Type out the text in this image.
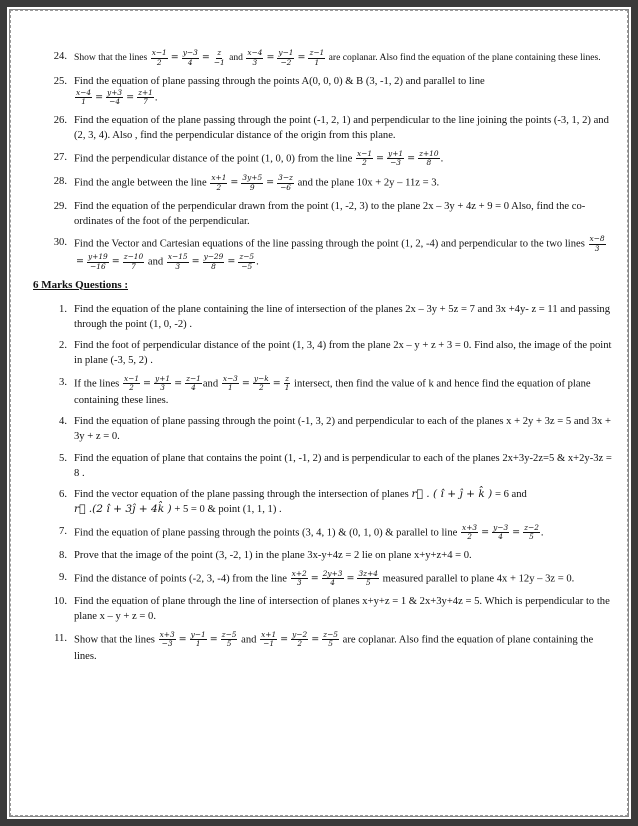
24. Show that the lines $\frac{x-1}{2} = \frac{y-3}{4} = \frac{z}{-1}$ and $\frac{x-4}{3} = \frac{y-1}{-2} = \frac{z-1}{1}$ are coplanar. Also find the equation of the plane containing these lines.
25. Find the equation of plane passing through the points A(0, 0, 0) & B (3, -1, 2) and parallel to line

$\frac{x-4}{1} = \frac{y+3}{-4} = \frac{z+1}{7}$ .
26. Find the equation of the plane passing through the point (-1, 2, 1) and perpendicular to the line joining the points (-3, 1, 2) and (2, 3, 4). Also , find the perpendicular distance of the origin from this plane.
27. Find the perpendicular distance of the point (1, 0, 0) from the line $\frac{x-1}{2} = \frac{y+1}{-3} = \frac{z+10}{8}$ .
28. Find the angle between the line $\frac{x+1}{2} = \frac{3y+5}{9} = \frac{3-z}{-6}$ and the plane 10x + 2y – 11z = 3.
29. Find the equation of the perpendicular drawn from the point (1, -2, 3) to the plane 2x – 3y + 4z + 9 = 0 Also, find the co-ordinates of the foot of the perpendicular.
30. Find the Vector and Cartesian equations of the line passing through the point (1, 2, -4) and perpendicular to the two lines $\frac{x-8}{3}$
= $\frac{y+19}{-16} = \frac{z-10}{7}$ and $\frac{x-15}{3} = \frac{y-29}{8} = \frac{z-5}{-5}$ .
6 Marks Questions :
1. Find the equation of the plane containing the line of intersection of the planes 2x – 3y + 5z = 7 and 3x +4y- z = 11 and passing through the point (1, 0, -2) .
2. Find the foot of perpendicular distance of the point (1, 3, 4) from the plane 2x – y + z + 3 = 0. Find also, the image of the point in plane (-3, 5, 2) .
3. If the lines $\frac{x-1}{2} = \frac{y+1}{3} = \frac{z-1}{4}$ and $\frac{x-3}{1} = \frac{y-k}{2} = \frac{z}{1}$ intersect, then find the value of k and hence find the equation of plane containing these lines.
4. Find the equation of plane passing through the point (-1, 3, 2) and perpendicular to each of the planes x + 2y + 3z = 5 and 3x + 3y + z = 0.
5. Find the equation of plane that contains the point (1, -1, 2) and is perpendicular to each of the planes 2x+3y-2z=5 & x+2y-3z = 8 .
6. Find the vector equation of the plane passing through the intersection of planes r⃗ . ( î + ĵ + k̂ ) = 6 and
r⃗ .(2 î + 3ĵ + 4k̂ ) + 5 = 0 & point (1, 1, 1) .
7. Find the equation of plane passing through the points (3, 4, 1) & (0, 1, 0) & parallel to line $\frac{x+3}{2} = \frac{y-3}{4} = \frac{z-2}{5}$ .
8. Prove that the image of the point (3, -2, 1) in the plane 3x-y+4z = 2 lie on plane x+y+z+4 = 0.
9. Find the distance of points (-2, 3, -4) from the line $\frac{x+2}{3} = \frac{2y+3}{4} = \frac{3z+4}{5}$ measured parallel to plane 4x + 12y – 3z = 0.
10. Find the equation of plane through the line of intersection of planes x+y+z = 1 & 2x+3y+4z = 5. Which is perpendicular to the plane x – y + z = 0.
11. Show that the lines $\frac{x+3}{-3} = \frac{y-1}{1} = \frac{z-5}{5}$ and $\frac{x+1}{-1} = \frac{y-2}{2} = \frac{z-5}{5}$ are coplanar. Also find the equation of plane containing the lines.
